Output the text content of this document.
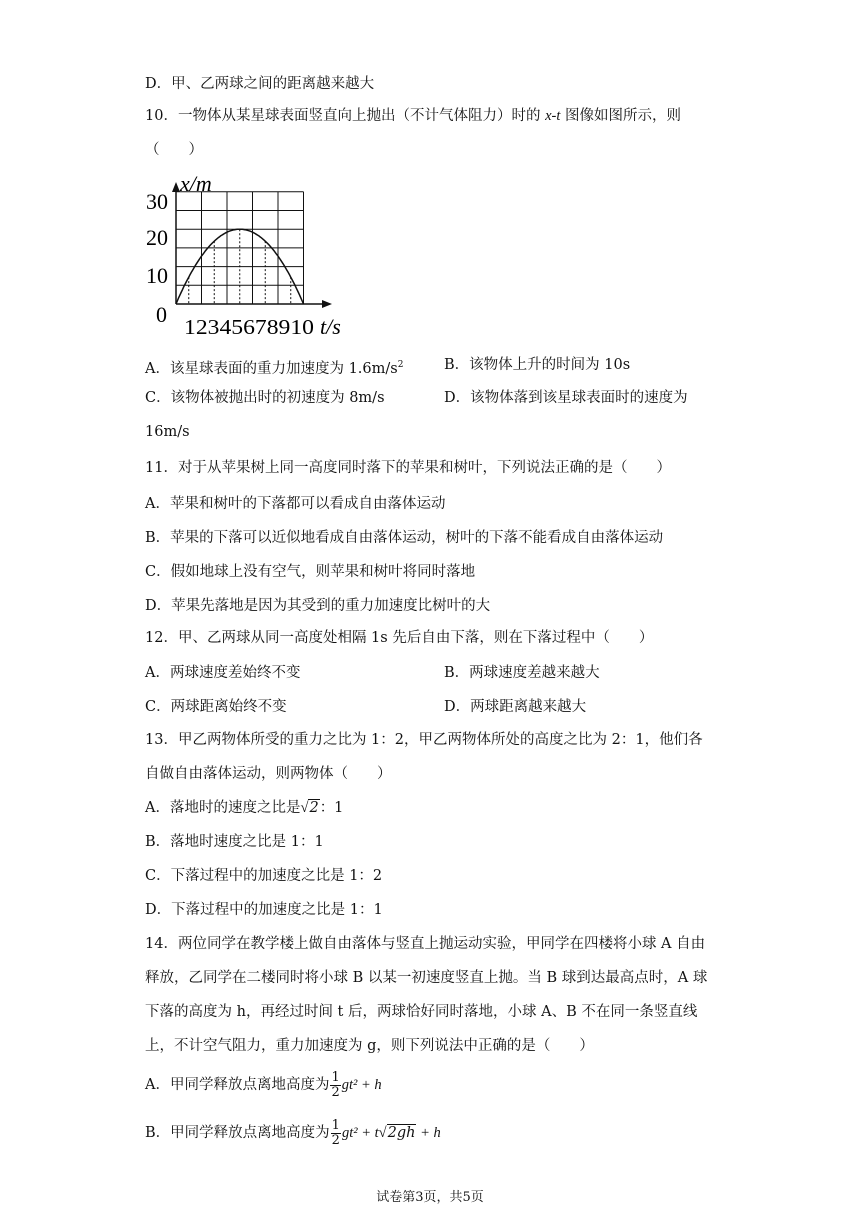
D．甲、乙两球之间的距离越来越大
10．一物体从某星球表面竖直向上抛出（不计气体阻力）时的 x-t 图像如图所示，则
（　　）
x/m
30
20
10
0 12345678910 t/s
A．该星球表面的重力加速度为 $1.6m/s^2$	B．该物体上升的时间为 10s
C．该物体被抛出时的初速度为 8m/s	D．该物体落到该星球表面时的速度为
16m/s
11．对于从苹果树上同一高度同时落下的苹果和树叶，下列说法正确的是（　　）
A．苹果和树叶的下落都可以看成自由落体运动
B．苹果的下落可以近似地看成自由落体运动，树叶的下落不能看成自由落体运动
C．假如地球上没有空气，则苹果和树叶将同时落地
D．苹果先落地是因为其受到的重力加速度比树叶的大
12．甲、乙两球从同一高度处相隔 1s 先后自由下落，则在下落过程中（　　）
A．两球速度差始终不变	B．两球速度差越来越大
C．两球距离始终不变	D．两球距离越来越大
13．甲乙两物体所受的重力之比为 1：2，甲乙两物体所处的高度之比为 2：1，他们各
自做自由落体运动，则两物体（　　）
A．落地时的速度之比是√2：1
B．落地时速度之比是 1：1
C．下落过程中的加速度之比是 1：2
D．下落过程中的加速度之比是 1：1
14．两位同学在教学楼上做自由落体与竖直上抛运动实验，甲同学在四楼将小球 A 自由
释放，乙同学在二楼同时将小球 B 以某一初速度竖直上抛。当 B 球到达最高点时，A 球
下落的高度为 h，再经过时间 t 后，两球恰好同时落地，小球 A、B 不在同一条竖直线
上，不计空气阻力，重力加速度为 g，则下列说法中正确的是（　　）
A．甲同学释放点离地高度为 $\frac{1}{2} gt^2 + h$
B．甲同学释放点离地高度为 $\frac{1}{2} gt^2 + t√2gh + h$
试卷第3页，共5页
